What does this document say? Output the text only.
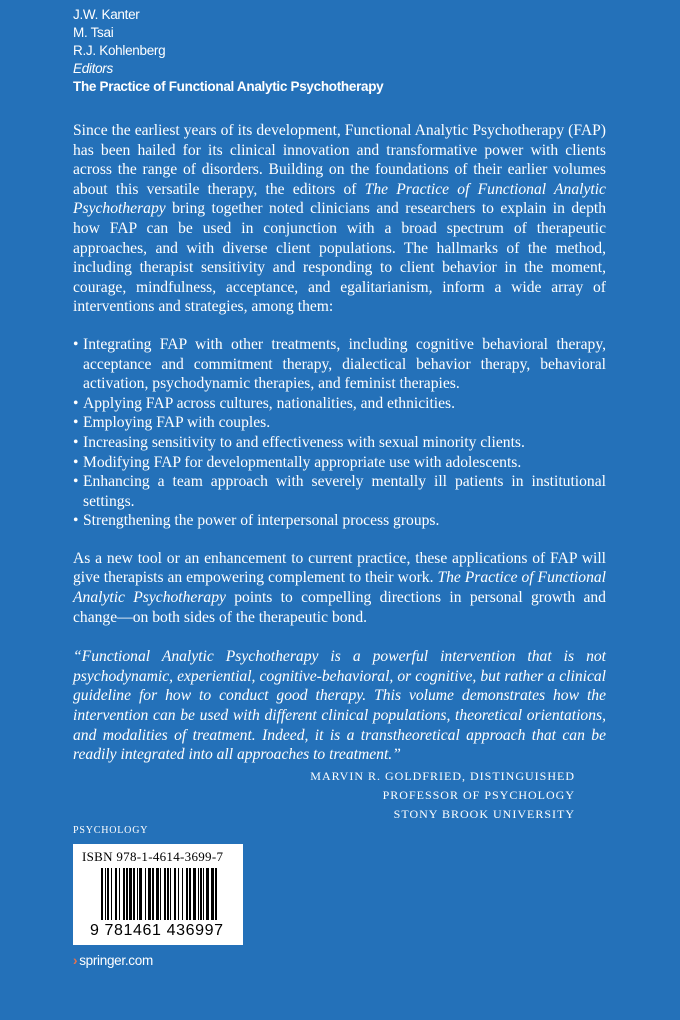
J.W. Kanter
M. Tsai
R.J. Kohlenberg
Editors
The Practice of Functional Analytic Psychotherapy

Since the earliest years of its development, Functional Analytic Psychotherapy (FAP) has been hailed for its clinical innovation and transformative power with clients across the range of disorders. Building on the foundations of their earlier volumes about this versatile therapy, the editors of The Practice of Functional Analytic Psychotherapy bring together noted clinicians and researchers to explain in depth how FAP can be used in conjunction with a broad spectrum of therapeutic approaches, and with diverse client populations. The hallmarks of the method, including therapist sensitivity and responding to client behavior in the moment, courage, mindfulness, acceptance, and egalitarianism, inform a wide array of interventions and strategies, among them:

• Integrating FAP with other treatments, including cognitive behavioral therapy, acceptance and commitment therapy, dialectical behavior therapy, behavioral activation, psychodynamic therapies, and feminist therapies.
• Applying FAP across cultures, nationalities, and ethnicities.
• Employing FAP with couples.
• Increasing sensitivity to and effectiveness with sexual minority clients.
• Modifying FAP for developmentally appropriate use with adolescents.
• Enhancing a team approach with severely mentally ill patients in institutional settings.
• Strengthening the power of interpersonal process groups.

As a new tool or an enhancement to current practice, these applications of FAP will give therapists an empowering complement to their work. The Practice of Functional Analytic Psychotherapy points to compelling directions in personal growth and change—on both sides of the therapeutic bond.

“Functional Analytic Psychotherapy is a powerful intervention that is not psychodynamic, experiential, cognitive-behavioral, or cognitive, but rather a clinical guideline for how to conduct good therapy. This volume demonstrates how the intervention can be used with different clinical populations, theoretical orientations, and modalities of treatment. Indeed, it is a transtheoretical approach that can be readily integrated into all approaches to treatment.”

MARVIN R. GOLDFRIED, DISTINGUISHED
PROFESSOR OF PSYCHOLOGY
STONY BROOK UNIVERSITY
PSYCHOLOGY
ISBN 978-1-4614-3699-7
9 781461 436997
› springer.com
